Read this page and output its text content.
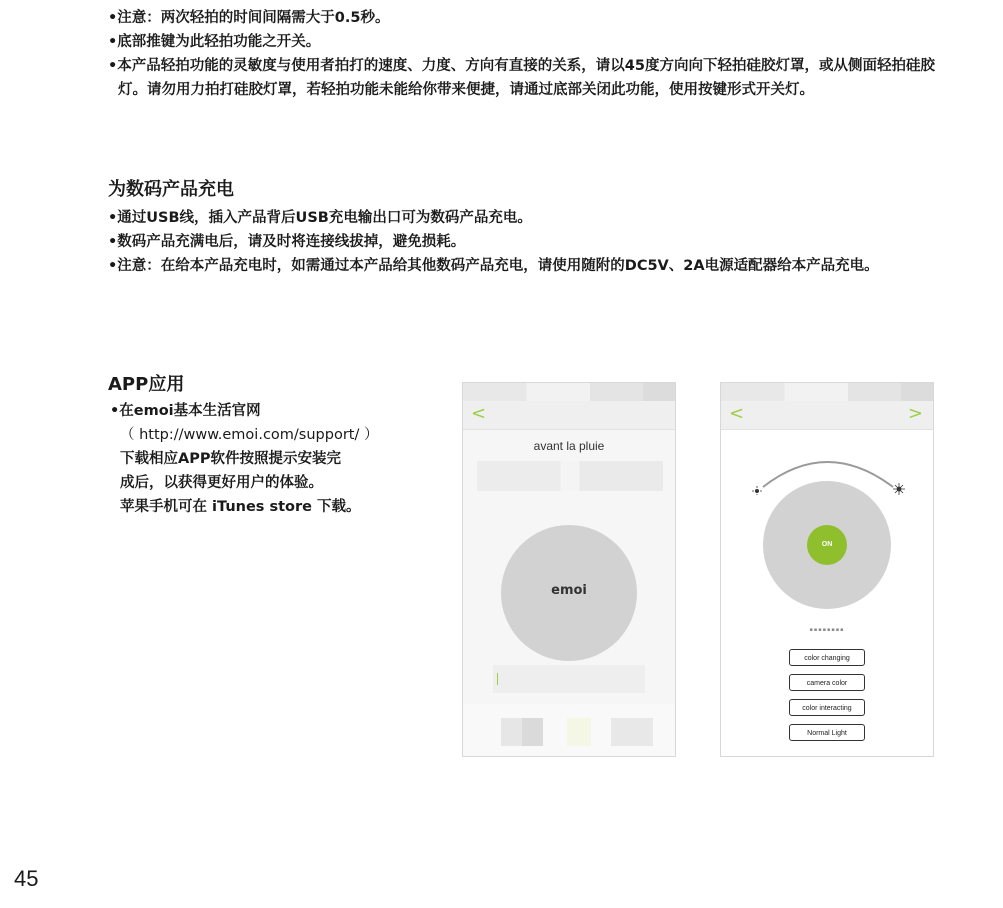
• 注意：两次轻拍的时间间隔需大于0.5秒。
• 底部推键为此轻拍功能之开关。
• 本产品轻拍功能的灵敏度与使用者拍打的速度、力度、方向有直接的关系，请以45度方向向下轻拍硅胶灯罩，或从侧面轻拍硅胶灯。请勿用力拍打硅胶灯罩，若轻拍功能未能给你带来便捷，请通过底部关闭此功能，使用按键形式开关灯。
为数码产品充电
• 通过USB线，插入产品背后USB充电输出口可为数码产品充电。
• 数码产品充满电后，请及时将连接线拔掉，避免损耗。
• 注意：在给本产品充电时，如需通过本产品给其他数码产品充电，请使用随附的DC5V、2A电源适配器给本产品充电。
APP应用
•在emoi基本生活官网
（ http://www.emoi.com/support/ ）
下载相应APP软件按照提示安装完
成后，以获得更好用户的体验。
苹果手机可在 iTunes store 下载。
<
avant la pluie
emoi
<	>
ON
▪▪▪▪▪▪▪▪
color changing
camera color
color interacting
Normal Light
45
